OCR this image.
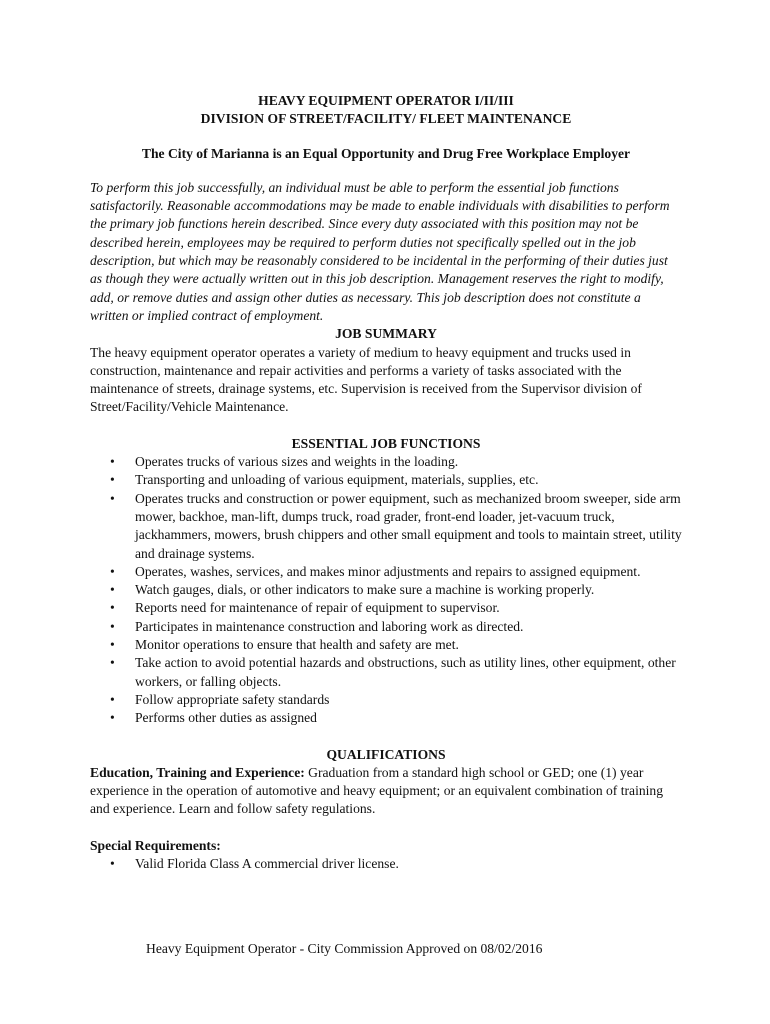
HEAVY EQUIPMENT OPERATOR I/II/III
DIVISION OF STREET/FACILITY/ FLEET MAINTENANCE
The City of Marianna is an Equal Opportunity and Drug Free Workplace Employer
To perform this job successfully, an individual must be able to perform the essential job functions satisfactorily. Reasonable accommodations may be made to enable individuals with disabilities to perform the primary job functions herein described. Since every duty associated with this position may not be described herein, employees may be required to perform duties not specifically spelled out in the job description, but which may be reasonably considered to be incidental in the performing of their duties just as though they were actually written out in this job description. Management reserves the right to modify, add, or remove duties and assign other duties as necessary. This job description does not constitute a written or implied contract of employment.
JOB SUMMARY
The heavy equipment operator operates a variety of medium to heavy equipment and trucks used in construction, maintenance and repair activities and performs a variety of tasks associated with the maintenance of streets, drainage systems, etc. Supervision is received from the Supervisor division of Street/Facility/Vehicle Maintenance.
ESSENTIAL JOB FUNCTIONS
• Operates trucks of various sizes and weights in the loading.
• Transporting and unloading of various equipment, materials, supplies, etc.
• Operates trucks and construction or power equipment, such as mechanized broom sweeper, side arm mower, backhoe, man-lift, dumps truck, road grader, front-end loader, jet-vacuum truck, jackhammers, mowers, brush chippers and other small equipment and tools to maintain street, utility and drainage systems.
• Operates, washes, services, and makes minor adjustments and repairs to assigned equipment.
• Watch gauges, dials, or other indicators to make sure a machine is working properly.
• Reports need for maintenance of repair of equipment to supervisor.
• Participates in maintenance construction and laboring work as directed.
• Monitor operations to ensure that health and safety are met.
• Take action to avoid potential hazards and obstructions, such as utility lines, other equipment, other workers, or falling objects.
• Follow appropriate safety standards
• Performs other duties as assigned
QUALIFICATIONS
Education, Training and Experience: Graduation from a standard high school or GED; one (1) year experience in the operation of automotive and heavy equipment; or an equivalent combination of training and experience. Learn and follow safety regulations.
Special Requirements:
• Valid Florida Class A commercial driver license.
Heavy Equipment Operator - City Commission Approved on 08/02/2016
